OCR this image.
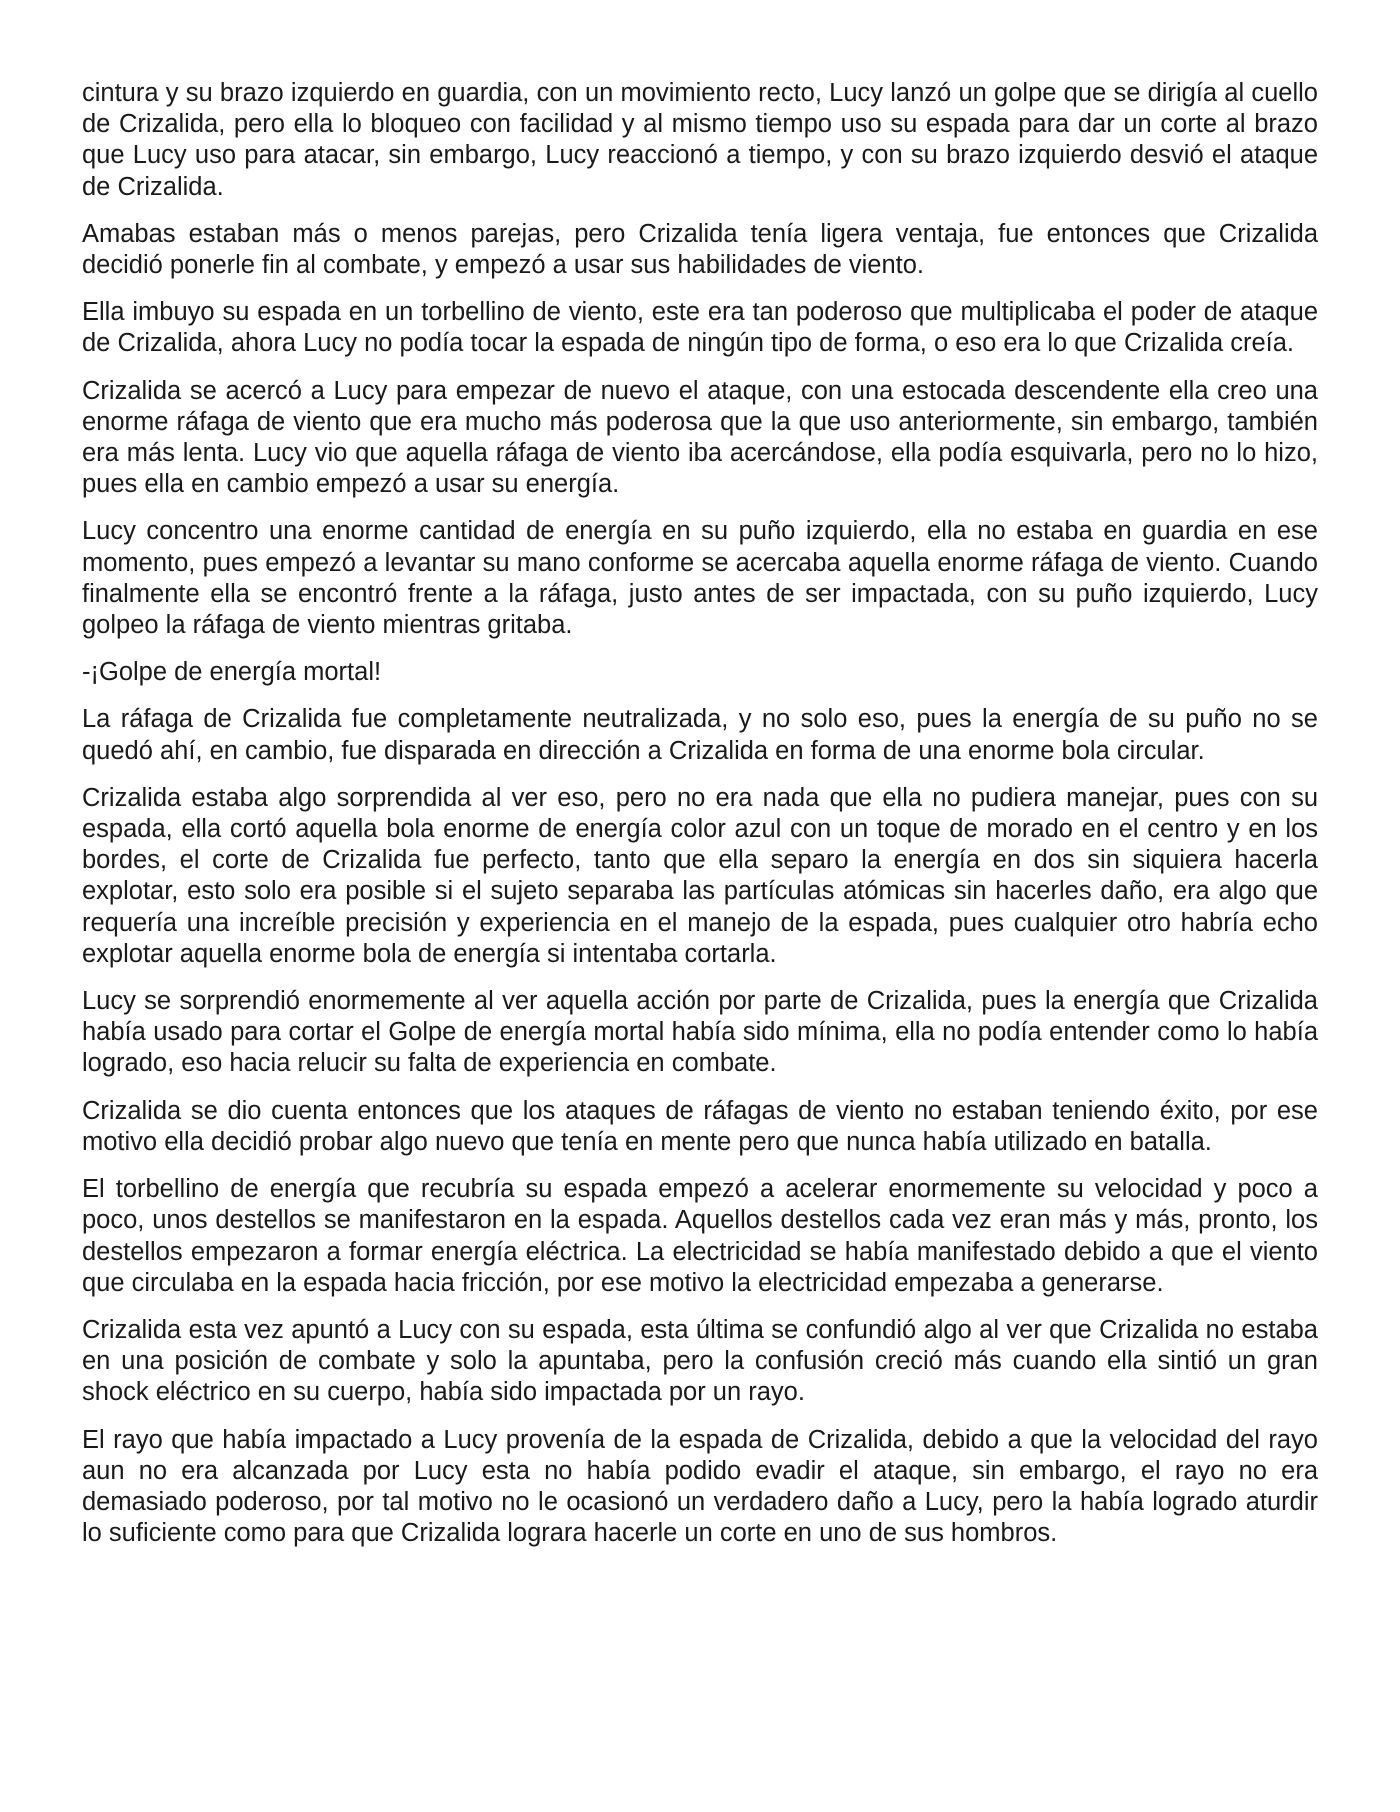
cintura y su brazo izquierdo en guardia, con un movimiento recto, Lucy lanzó un golpe que se dirigía al cuello de Crizalida, pero ella lo bloqueo con facilidad y al mismo tiempo uso su espada para dar un corte al brazo que Lucy uso para atacar, sin embargo, Lucy reaccionó a tiempo, y con su brazo izquierdo desvió el ataque de Crizalida.

Amabas estaban más o menos parejas, pero Crizalida tenía ligera ventaja, fue entonces que Crizalida decidió ponerle fin al combate, y empezó a usar sus habilidades de viento.

Ella imbuyo su espada en un torbellino de viento, este era tan poderoso que multiplicaba el poder de ataque de Crizalida, ahora Lucy no podía tocar la espada de ningún tipo de forma, o eso era lo que Crizalida creía.

Crizalida se acercó a Lucy para empezar de nuevo el ataque, con una estocada descendente ella creo una enorme ráfaga de viento que era mucho más poderosa que la que uso anteriormente, sin embargo, también era más lenta. Lucy vio que aquella ráfaga de viento iba acercándose, ella podía esquivarla, pero no lo hizo, pues ella en cambio empezó a usar su energía.

Lucy concentro una enorme cantidad de energía en su puño izquierdo, ella no estaba en guardia en ese momento, pues empezó a levantar su mano conforme se acercaba aquella enorme ráfaga de viento. Cuando finalmente ella se encontró frente a la ráfaga, justo antes de ser impactada, con su puño izquierdo, Lucy golpeo la ráfaga de viento mientras gritaba.

-¡Golpe de energía mortal!

La ráfaga de Crizalida fue completamente neutralizada, y no solo eso, pues la energía de su puño no se quedó ahí, en cambio, fue disparada en dirección a Crizalida en forma de una enorme bola circular.

Crizalida estaba algo sorprendida al ver eso, pero no era nada que ella no pudiera manejar, pues con su espada, ella cortó aquella bola enorme de energía color azul con un toque de morado en el centro y en los bordes, el corte de Crizalida fue perfecto, tanto que ella separo la energía en dos sin siquiera hacerla explotar, esto solo era posible si el sujeto separaba las partículas atómicas sin hacerles daño, era algo que requería una increíble precisión y experiencia en el manejo de la espada, pues cualquier otro habría echo explotar aquella enorme bola de energía si intentaba cortarla.

Lucy se sorprendió enormemente al ver aquella acción por parte de Crizalida, pues la energía que Crizalida había usado para cortar el Golpe de energía mortal había sido mínima, ella no podía entender como lo había logrado, eso hacia relucir su falta de experiencia en combate.

Crizalida se dio cuenta entonces que los ataques de ráfagas de viento no estaban teniendo éxito, por ese motivo ella decidió probar algo nuevo que tenía en mente pero que nunca había utilizado en batalla.

El torbellino de energía que recubría su espada empezó a acelerar enormemente su velocidad y poco a poco, unos destellos se manifestaron en la espada. Aquellos destellos cada vez eran más y más, pronto, los destellos empezaron a formar energía eléctrica. La electricidad se había manifestado debido a que el viento que circulaba en la espada hacia fricción, por ese motivo la electricidad empezaba a generarse.

Crizalida esta vez apuntó a Lucy con su espada, esta última se confundió algo al ver que Crizalida no estaba en una posición de combate y solo la apuntaba, pero la confusión creció más cuando ella sintió un gran shock eléctrico en su cuerpo, había sido impactada por un rayo.

El rayo que había impactado a Lucy provenía de la espada de Crizalida, debido a que la velocidad del rayo aun no era alcanzada por Lucy esta no había podido evadir el ataque, sin embargo, el rayo no era demasiado poderoso, por tal motivo no le ocasionó un verdadero daño a Lucy, pero la había logrado aturdir lo suficiente como para que Crizalida lograra hacerle un corte en uno de sus hombros.
